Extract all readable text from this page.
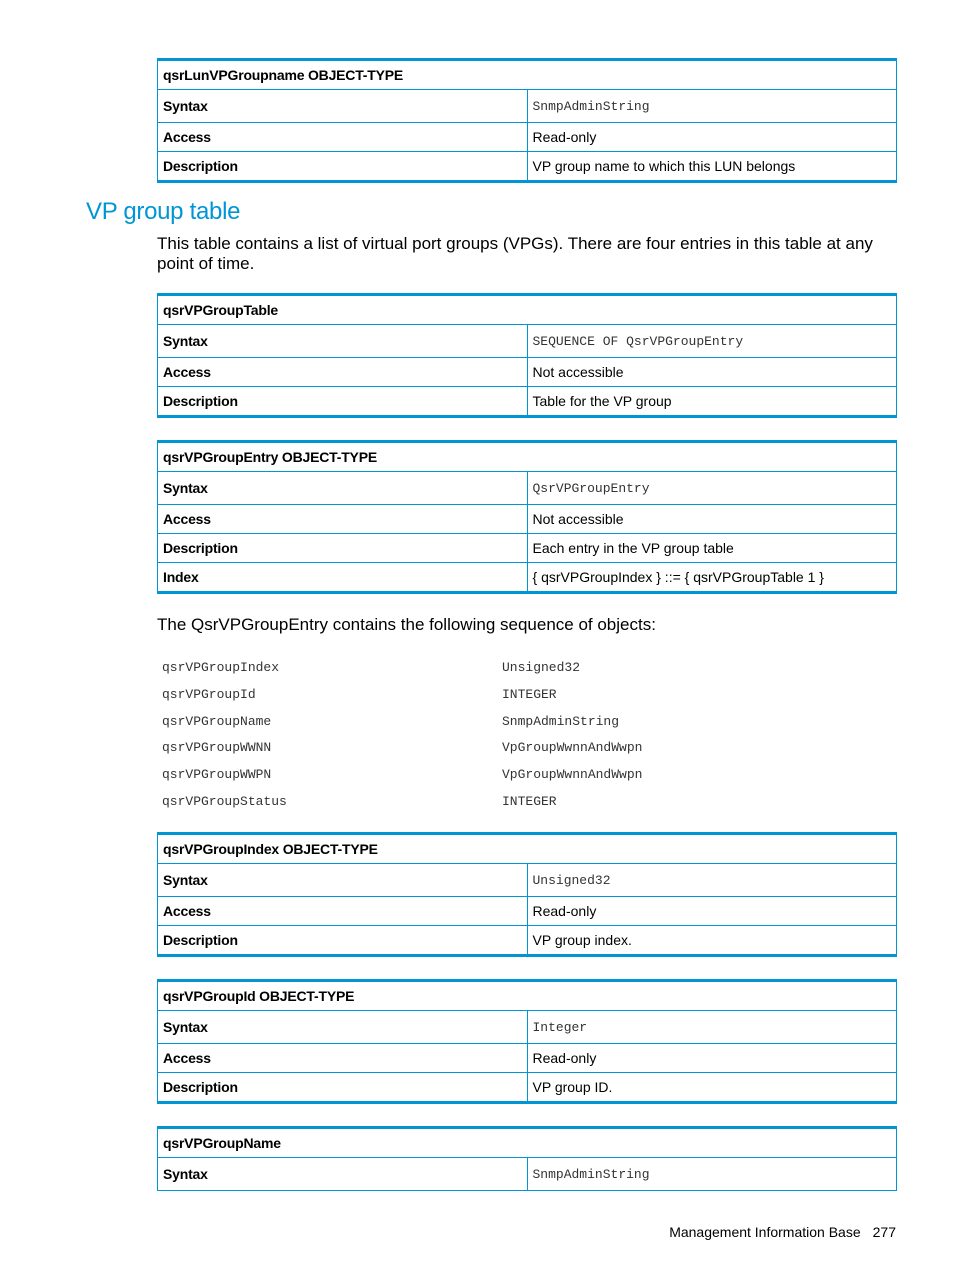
qsrLunVPGroupname OBJECT-TYPE	
Syntax	SnmpAdminString
Access	Read-only
Description	VP group name to which this LUN belongs
VP group table

This table contains a list of virtual port groups (VPGs). There are four entries in this table at any point of time.

qsrVPGroupTable	
Syntax	SEQUENCE OF QsrVPGroupEntry
Access	Not accessible
Description	Table for the VP group
qsrVPGroupEntry OBJECT-TYPE	
Syntax	QsrVPGroupEntry
Access	Not accessible
Description	Each entry in the VP group table
Index	{ qsrVPGroupIndex } ::= { qsrVPGroupTable 1 }

The QsrVPGroupEntry contains the following sequence of objects:

qsrVPGroupIndex	Unsigned32
qsrVPGroupId	INTEGER
qsrVPGroupName	SnmpAdminString
qsrVPGroupWWNN	VpGroupWwnnAndWwpn
qsrVPGroupWWPN	VpGroupWwnnAndWwpn
qsrVPGroupStatus	INTEGER
qsrVPGroupIndex OBJECT-TYPE	
Syntax	Unsigned32
Access	Read-only
Description	VP group index.
qsrVPGroupId OBJECT-TYPE	
Syntax	Integer
Access	Read-only
Description	VP group ID.
qsrVPGroupName
Syntax	SnmpAdminString
Management Information Base 277
